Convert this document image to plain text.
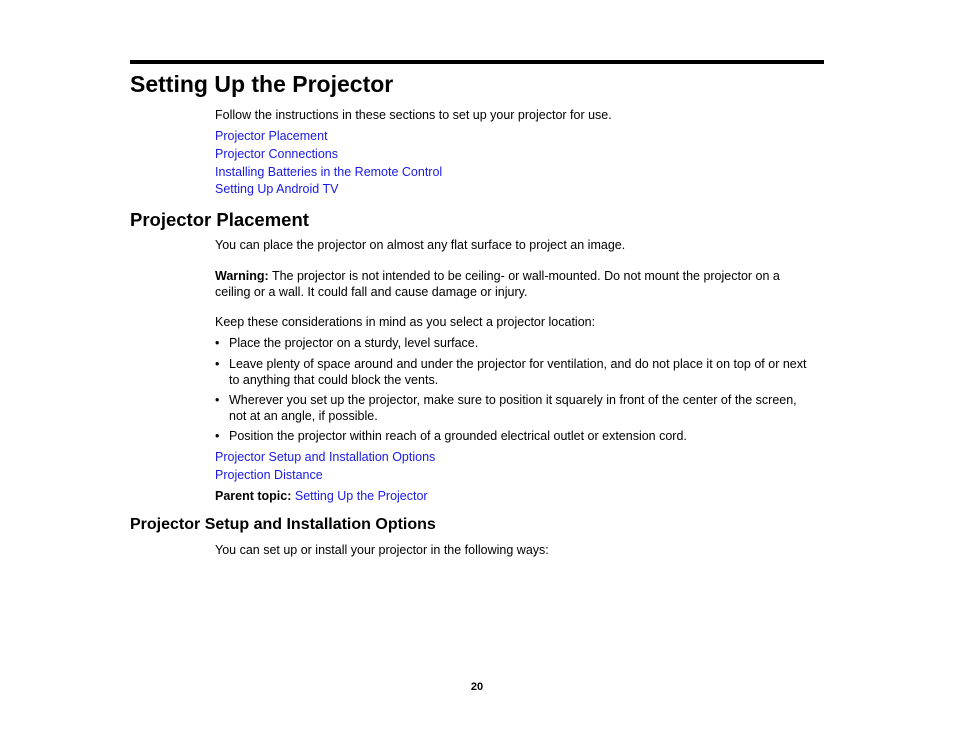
Setting Up the Projector
Follow the instructions in these sections to set up your projector for use.
Projector Placement
Projector Connections
Installing Batteries in the Remote Control
Setting Up Android TV
Projector Placement
You can place the projector on almost any flat surface to project an image.
Warning: The projector is not intended to be ceiling- or wall-mounted. Do not mount the projector on a ceiling or a wall. It could fall and cause damage or injury.
Keep these considerations in mind as you select a projector location:
• Place the projector on a sturdy, level surface.
• Leave plenty of space around and under the projector for ventilation, and do not place it on top of or next to anything that could block the vents.
• Wherever you set up the projector, make sure to position it squarely in front of the center of the screen, not at an angle, if possible.
• Position the projector within reach of a grounded electrical outlet or extension cord.
Projector Setup and Installation Options
Projection Distance
Parent topic: Setting Up the Projector
Projector Setup and Installation Options
You can set up or install your projector in the following ways:
20
